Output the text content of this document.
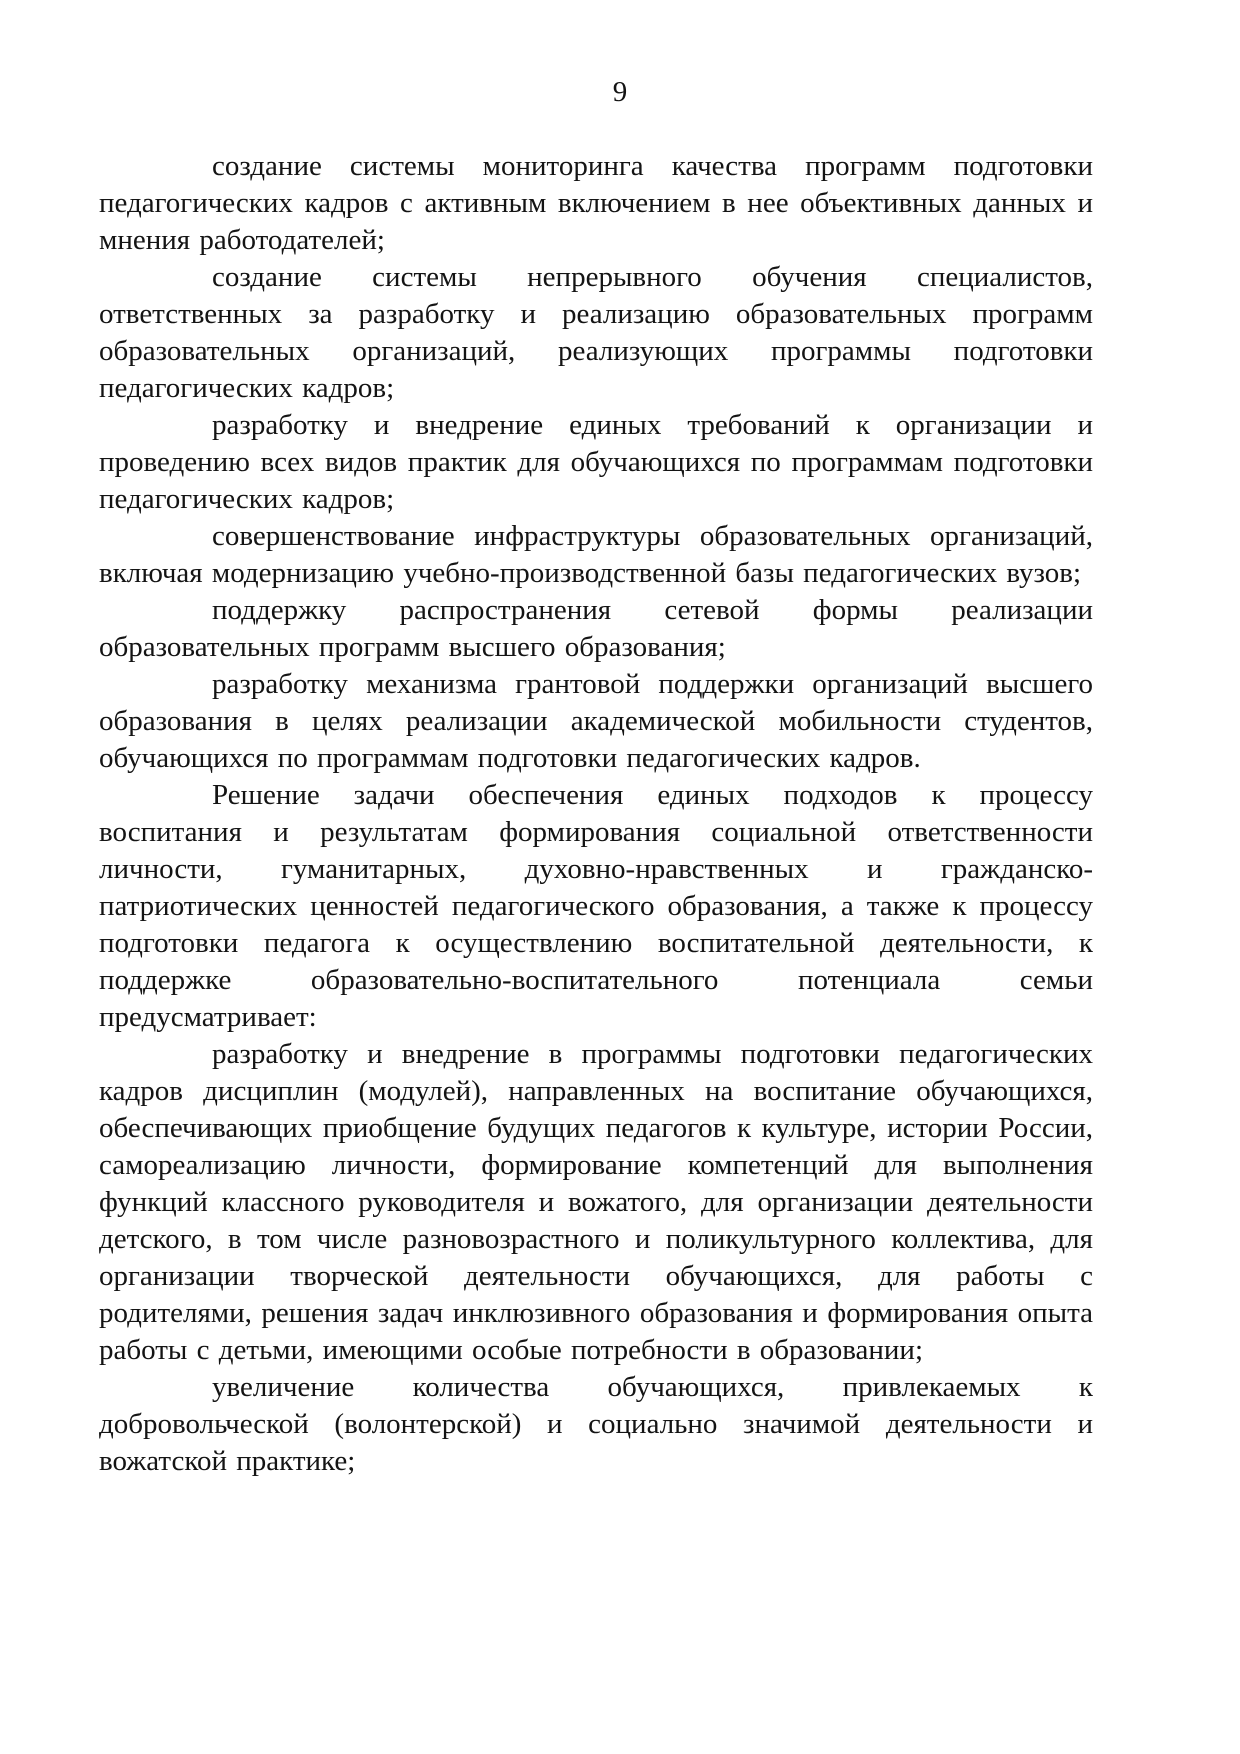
9

создание системы мониторинга качества программ подготовки педагогических кадров с активным включением в нее объективных данных и мнения работодателей;

создание системы непрерывного обучения специалистов, ответственных за разработку и реализацию образовательных программ образовательных организаций, реализующих программы подготовки педагогических кадров;

разработку и внедрение единых требований к организации и проведению всех видов практик для обучающихся по программам подготовки педагогических кадров;

совершенствование инфраструктуры образовательных организаций, включая модернизацию учебно-производственной базы педагогических вузов;

поддержку распространения сетевой формы реализации образовательных программ высшего образования;

разработку механизма грантовой поддержки организаций высшего образования в целях реализации академической мобильности студентов, обучающихся по программам подготовки педагогических кадров.

Решение задачи обеспечения единых подходов к процессу воспитания и результатам формирования социальной ответственности личности, гуманитарных, духовно-нравственных и гражданско-патриотических ценностей педагогического образования, а также к процессу подготовки педагога к осуществлению воспитательной деятельности, к поддержке образовательно-воспитательного потенциала семьи предусматривает:

разработку и внедрение в программы подготовки педагогических кадров дисциплин (модулей), направленных на воспитание обучающихся, обеспечивающих приобщение будущих педагогов к культуре, истории России, самореализацию личности, формирование компетенций для выполнения функций классного руководителя и вожатого, для организации деятельности детского, в том числе разновозрастного и поликультурного коллектива, для организации творческой деятельности обучающихся, для работы с родителями, решения задач инклюзивного образования и формирования опыта работы с детьми, имеющими особые потребности в образовании;

увеличение количества обучающихся, привлекаемых к добровольческой (волонтерской) и социально значимой деятельности и вожатской практике;
